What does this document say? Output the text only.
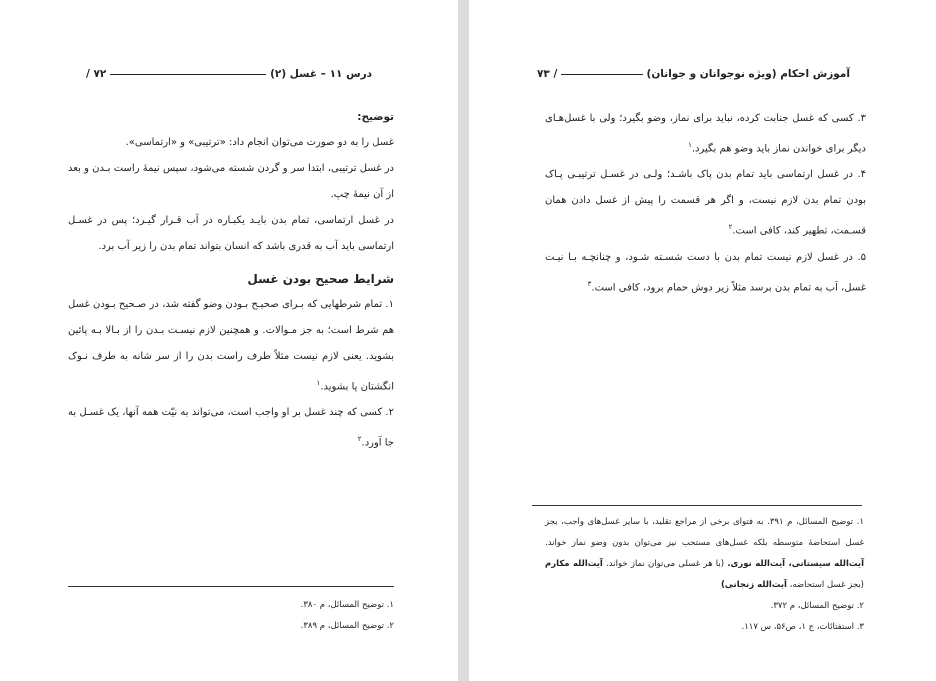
درس ۱۱ – غسل (۲)
۷۲ /

توضیح:

غسل را به دو صورت می‌توان انجام داد: «ترتیبی» و «ارتماسی».

در غسل ترتیبی، ابتدا سر و گردن شسته می‌شود، سپس نیمهٔ راست بـدن و بعد از آن نیمهٔ چپ.

در غسل ارتماسی، تمام بدن بایـد یکبـاره در آب قـرار گیـرد؛ پس در غسـل ارتماسی باید آب به قدری باشد که انسان بتواند تمام بدن را زیر آب برد.

شرایط صحیح بودن غسل

۱. تمام شرطهایی که بـرای صحیـح بـودن وضو گفته شد، در صـحیح بـودن غسل هم شرط است؛ به جز مـوالات. و همچنین لازم نیسـت بـدن را از بـالا بـه پائین بشوید. یعنی لازم نیست مثلاً طرف راست بدن را از سر شانه به طرف نـوک انگشتان پا بشوید.$^۱$

۲. کسی که چند غسل بر او واجب است، می‌تواند به نیّت همه آنها، یک غسـل به جا آورد.$^۲$

۱. توضیح المسائل، م ۳۸۰.

۲. توضیح المسائل، م ۳۸۹.

آموزش احکام (ویژه نوجوانان و جوانان)
/ ۷۳

۳. کسی که غسل جنابت کرده، نباید برای نماز، وضو بگیرد؛ ولی با غسل‌هـای دیگر برای خواندن نماز باید وضو هم بگیرد.$^۱$

۴. در غسل ارتماسی باید تمام بدن پاک باشـد؛ ولـی در غسـل ترتیبـی پـاک بودن تمام بدن لازم نیست، و اگر هر قسمت را پیش از غسل دادن همان قسـمت، تطهیر کند، کافی است.$^۲$

۵. در غسل لازم نیست تمام بدن با دست شسـته شـود، و چنانچـه بـا نیـت غسل، آب به تمام بدن برسد مثلاً زیر دوش حمام برود، کافی است.$^۳$

۱. توضیح المسائل، م ۳۹۱. به فتوای برخی از مراجع تقلید، با سایر غسل‌های واجب، بجز غسل استحاضهٔ متوسطه بلکه غسل‌های مستحب نیز می‌توان بدون وضو نماز خواند. آیت‌الله سیستانی، آیت‌الله نوری. (با هر غسلی می‌توان نماز خواند. آیت‌الله مکارم (بجز غسل استحاضه، آیت‌الله زنجانی)

۲. توضیح المسائل، م ۳۷۲.

۳. استفتائات، ج ۱، ص۵۶، س ۱۱۷.
